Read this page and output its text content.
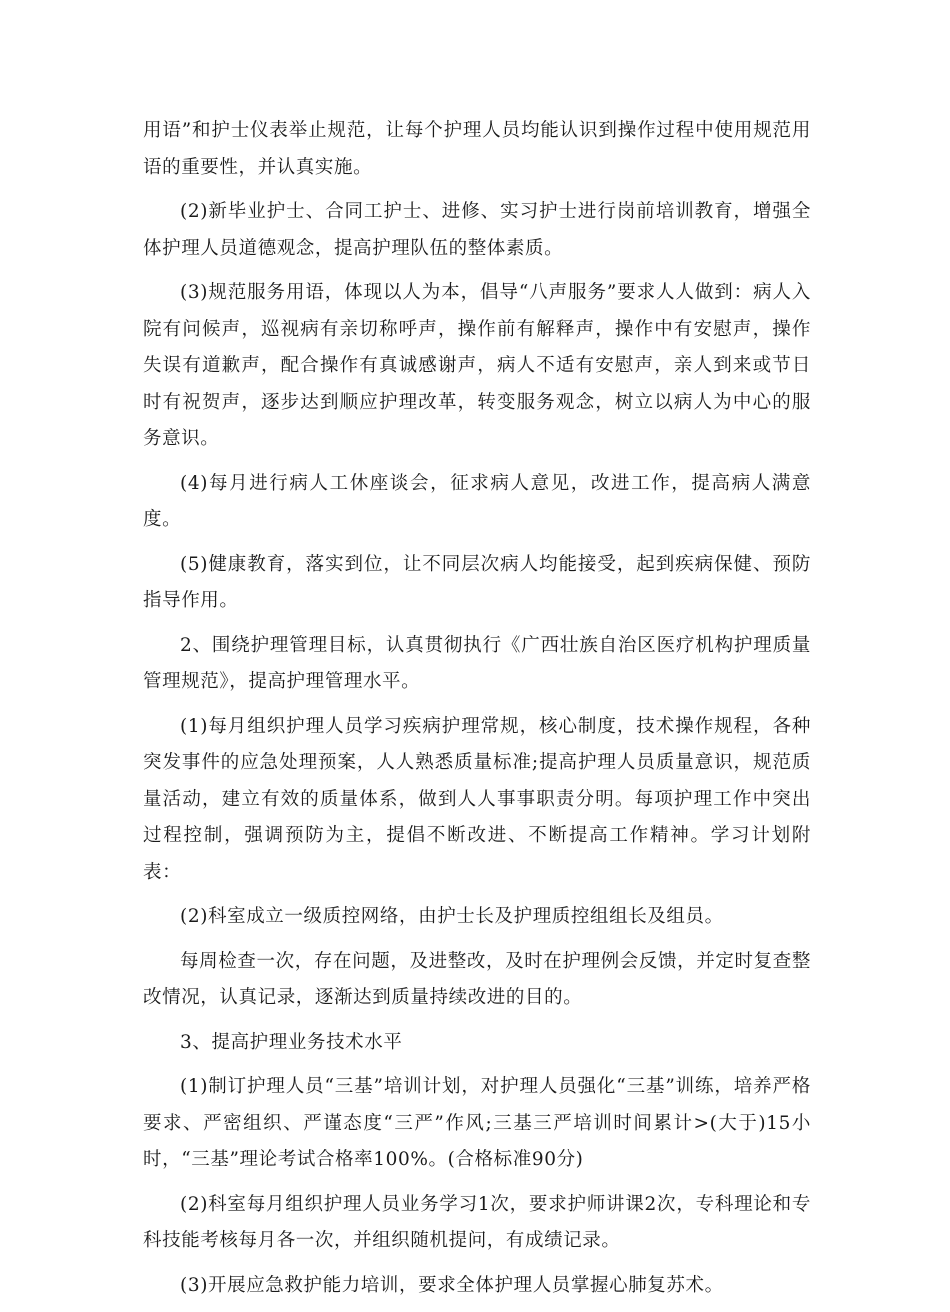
用语”和护士仪表举止规范，让每个护理人员均能认识到操作过程中使用规范用语的重要性，并认真实施。

(2)新毕业护士、合同工护士、进修、实习护士进行岗前培训教育，增强全体护理人员道德观念，提高护理队伍的整体素质。

(3)规范服务用语，体现以人为本，倡导“八声服务”要求人人做到：病人入院有问候声，巡视病有亲切称呼声，操作前有解释声，操作中有安慰声，操作失误有道歉声，配合操作有真诚感谢声，病人不适有安慰声，亲人到来或节日时有祝贺声，逐步达到顺应护理改革，转变服务观念，树立以病人为中心的服务意识。

(4)每月进行病人工休座谈会，征求病人意见，改进工作，提高病人满意度。

(5)健康教育，落实到位，让不同层次病人均能接受，起到疾病保健、预防指导作用。

2、围绕护理管理目标，认真贯彻执行《广西壮族自治区医疗机构护理质量管理规范》，提高护理管理水平。

(1)每月组织护理人员学习疾病护理常规，核心制度，技术操作规程，各种突发事件的应急处理预案，人人熟悉质量标准;提高护理人员质量意识，规范质量活动，建立有效的质量体系，做到人人事事职责分明。每项护理工作中突出过程控制，强调预防为主，提倡不断改进、不断提高工作精神。学习计划附表：

(2)科室成立一级质控网络，由护士长及护理质控组组长及组员。

每周检查一次，存在问题，及进整改，及时在护理例会反馈，并定时复查整改情况，认真记录，逐渐达到质量持续改进的目的。

3、提高护理业务技术水平

(1)制订护理人员“三基”培训计划，对护理人员强化“三基”训练，培养严格要求、严密组织、严谨态度“三严”作风;三基三严培训时间累计>(大于)15小时，“三基”理论考试合格率100%。(合格标准90分)

(2)科室每月组织护理人员业务学习1次，要求护师讲课2次，专科理论和专科技能考核每月各一次，并组织随机提问，有成绩记录。

(3)开展应急救护能力培训，要求全体护理人员掌握心肺复苏术。
